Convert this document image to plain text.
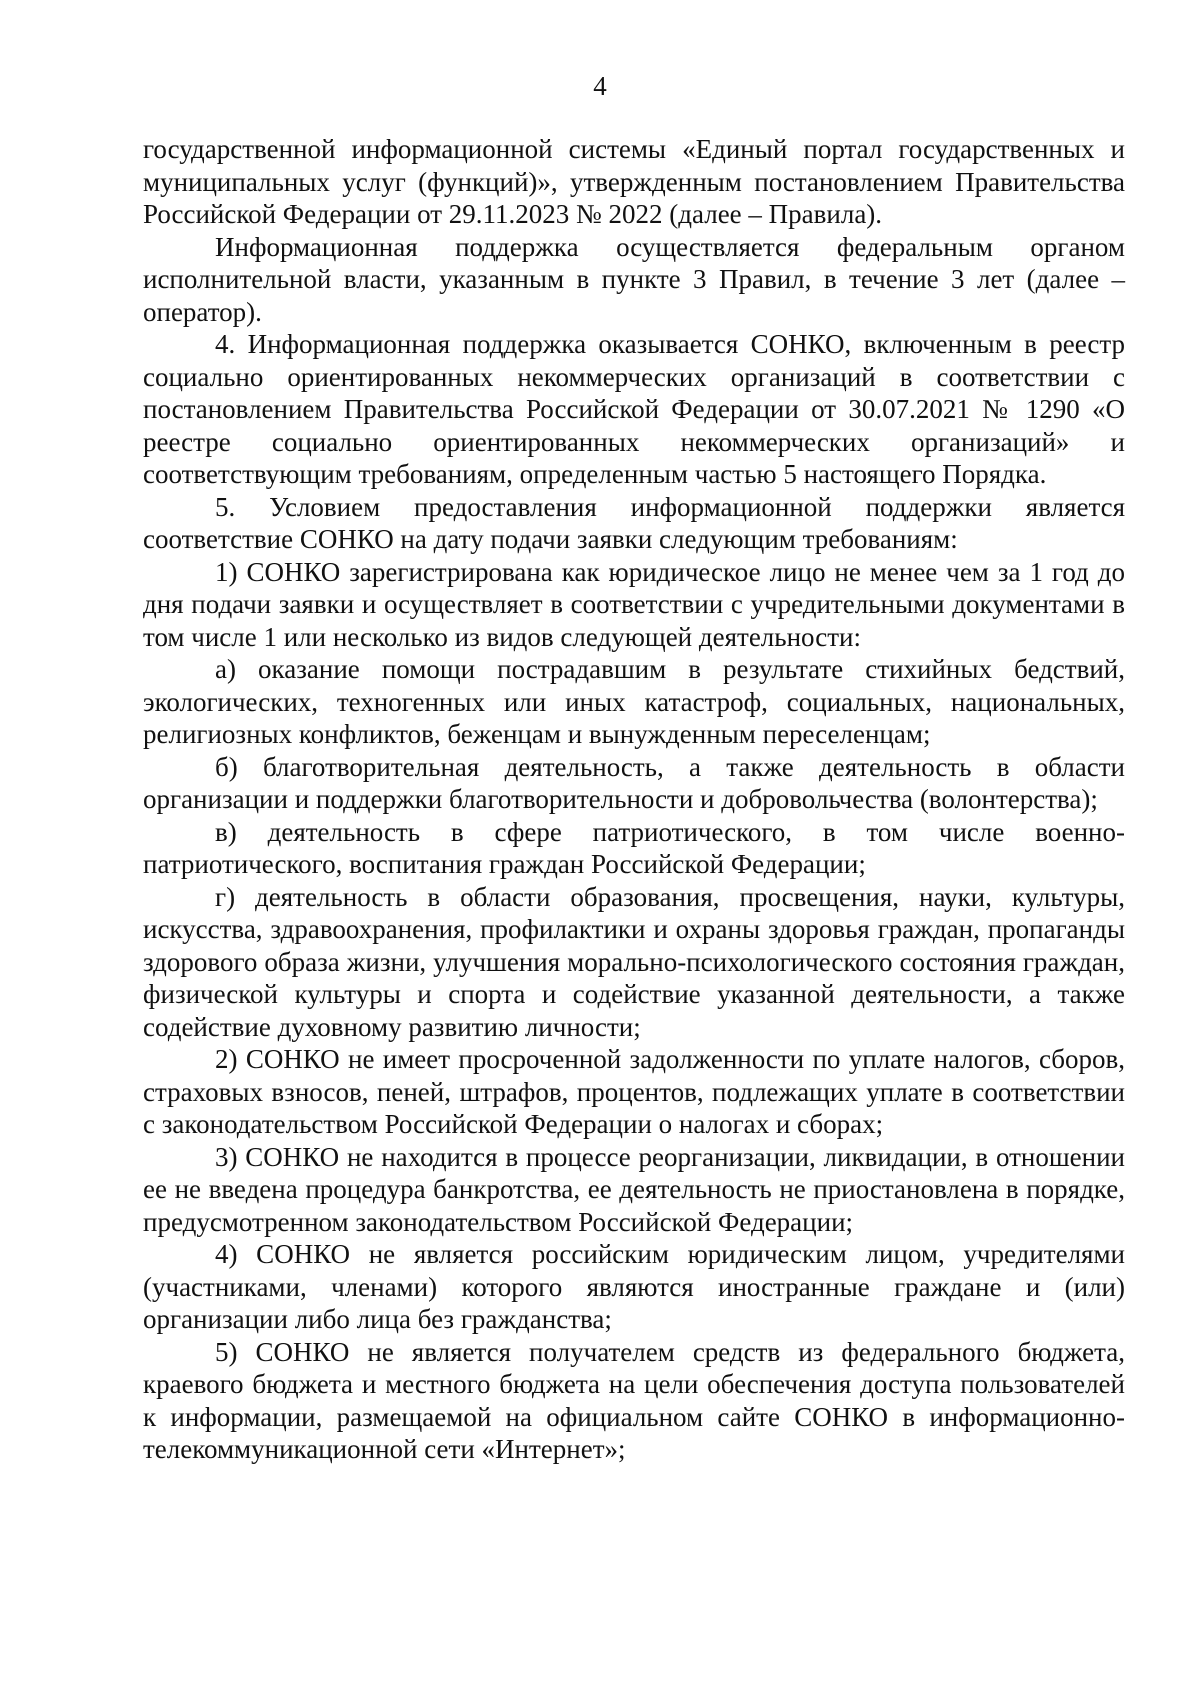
4

государственной информационной системы «Единый портал государственных и муниципальных услуг (функций)», утвержденным постановлением Правительства Российской Федерации от 29.11.2023 № 2022 (далее – Правила).

Информационная поддержка осуществляется федеральным органом исполнительной власти, указанным в пункте 3 Правил, в течение 3 лет (далее – оператор).

4. Информационная поддержка оказывается СОНКО, включенным в реестр социально ориентированных некоммерческих организаций в соответствии с постановлением Правительства Российской Федерации от 30.07.2021 № 1290 «О реестре социально ориентированных некоммерческих организаций» и соответствующим требованиям, определенным частью 5 настоящего Порядка.

5. Условием предоставления информационной поддержки является соответствие СОНКО на дату подачи заявки следующим требованиям:

1) СОНКО зарегистрирована как юридическое лицо не менее чем за 1 год до дня подачи заявки и осуществляет в соответствии с учредительными документами в том числе 1 или несколько из видов следующей деятельности:

а) оказание помощи пострадавшим в результате стихийных бедствий, экологических, техногенных или иных катастроф, социальных, национальных, религиозных конфликтов, беженцам и вынужденным переселенцам;

б) благотворительная деятельность, а также деятельность в области организации и поддержки благотворительности и добровольчества (волонтерства);

в) деятельность в сфере патриотического, в том числе военно-патриотического, воспитания граждан Российской Федерации;

г) деятельность в области образования, просвещения, науки, культуры, искусства, здравоохранения, профилактики и охраны здоровья граждан, пропаганды здорового образа жизни, улучшения морально-психологического состояния граждан, физической культуры и спорта и содействие указанной деятельности, а также содействие духовному развитию личности;

2) СОНКО не имеет просроченной задолженности по уплате налогов, сборов, страховых взносов, пеней, штрафов, процентов, подлежащих уплате в соответствии с законодательством Российской Федерации о налогах и сборах;

3) СОНКО не находится в процессе реорганизации, ликвидации, в отношении ее не введена процедура банкротства, ее деятельность не приостановлена в порядке, предусмотренном законодательством Российской Федерации;

4) СОНКО не является российским юридическим лицом, учредителями (участниками, членами) которого являются иностранные граждане и (или) организации либо лица без гражданства;

5) СОНКО не является получателем средств из федерального бюджета, краевого бюджета и местного бюджета на цели обеспечения доступа пользователей к информации, размещаемой на официальном сайте СОНКО в информационно-телекоммуникационной сети «Интернет»;
